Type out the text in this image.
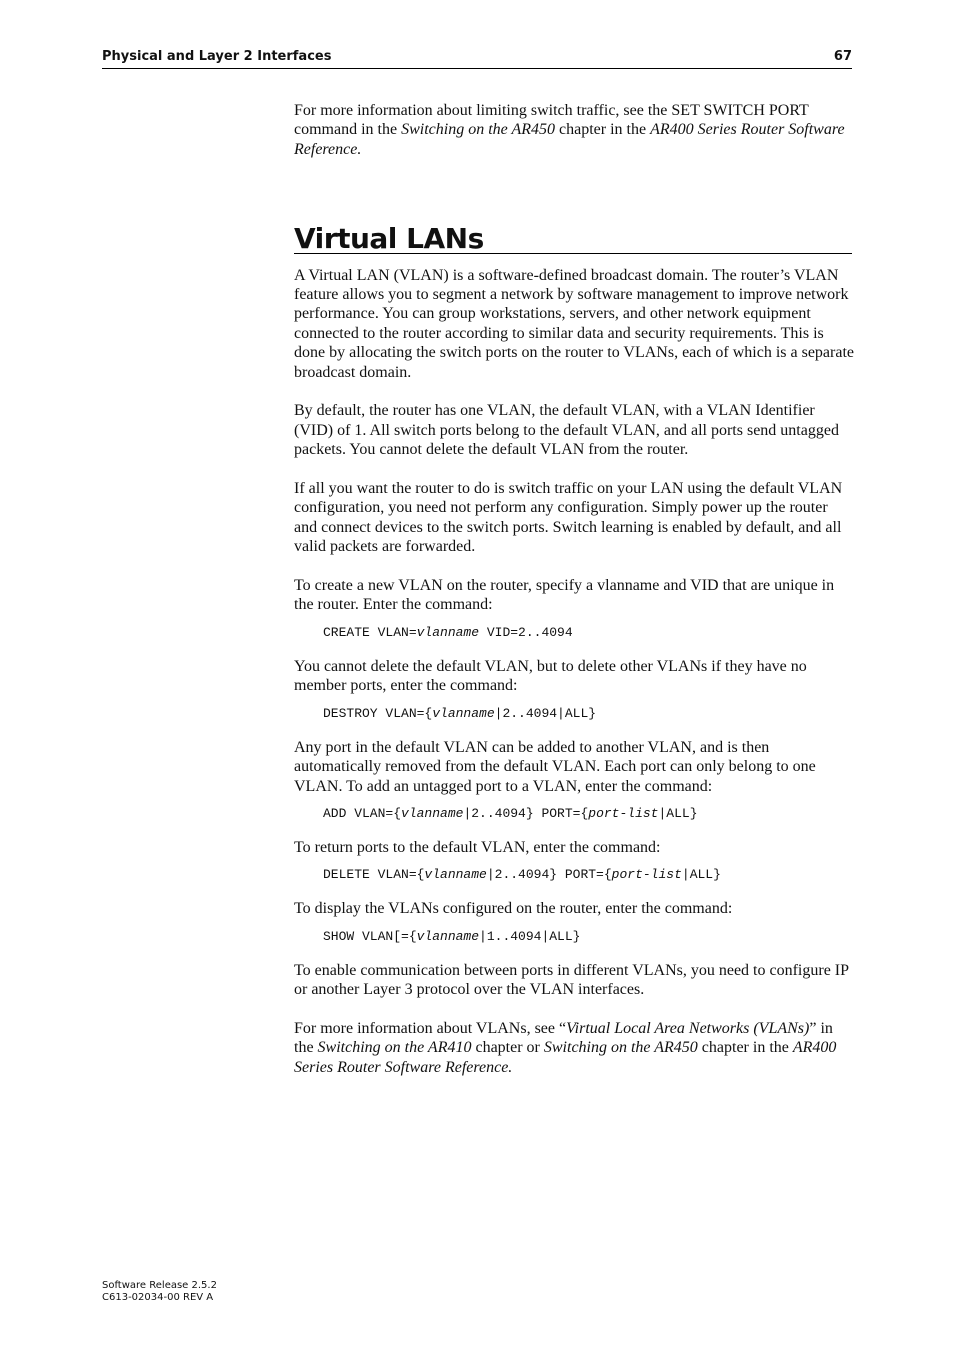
Physical and Layer 2 Interfaces	67

For more information about limiting switch traffic, see the SET SWITCH PORT command in the Switching on the AR450 chapter in the AR400 Series Router Software Reference.

Virtual LANs

A Virtual LAN (VLAN) is a software-defined broadcast domain. The router’s VLAN feature allows you to segment a network by software management to improve network performance. You can group workstations, servers, and other network equipment connected to the router according to similar data and security requirements. This is done by allocating the switch ports on the router to VLANs, each of which is a separate broadcast domain.

By default, the router has one VLAN, the default VLAN, with a VLAN Identifier (VID) of 1. All switch ports belong to the default VLAN, and all ports send untagged packets. You cannot delete the default VLAN from the router.

If all you want the router to do is switch traffic on your LAN using the default VLAN configuration, you need not perform any configuration. Simply power up the router and connect devices to the switch ports. Switch learning is enabled by default, and all valid packets are forwarded.

To create a new VLAN on the router, specify a vlanname and VID that are unique in the router. Enter the command:

CREATE VLAN=vlanname VID=2..4094

You cannot delete the default VLAN, but to delete other VLANs if they have no member ports, enter the command:

DESTROY VLAN={vlanname|2..4094|ALL}

Any port in the default VLAN can be added to another VLAN, and is then automatically removed from the default VLAN. Each port can only belong to one VLAN. To add an untagged port to a VLAN, enter the command:

ADD VLAN={vlanname|2..4094} PORT={port-list|ALL}

To return ports to the default VLAN, enter the command:

DELETE VLAN={vlanname|2..4094} PORT={port-list|ALL}

To display the VLANs configured on the router, enter the command:

SHOW VLAN[={vlanname|1..4094|ALL}

To enable communication between ports in different VLANs, you need to configure IP or another Layer 3 protocol over the VLAN interfaces.

For more information about VLANs, see “Virtual Local Area Networks (VLANs)” in the Switching on the AR410 chapter or Switching on the AR450 chapter in the AR400 Series Router Software Reference.

Software Release 2.5.2
C613-02034-00 REV A
